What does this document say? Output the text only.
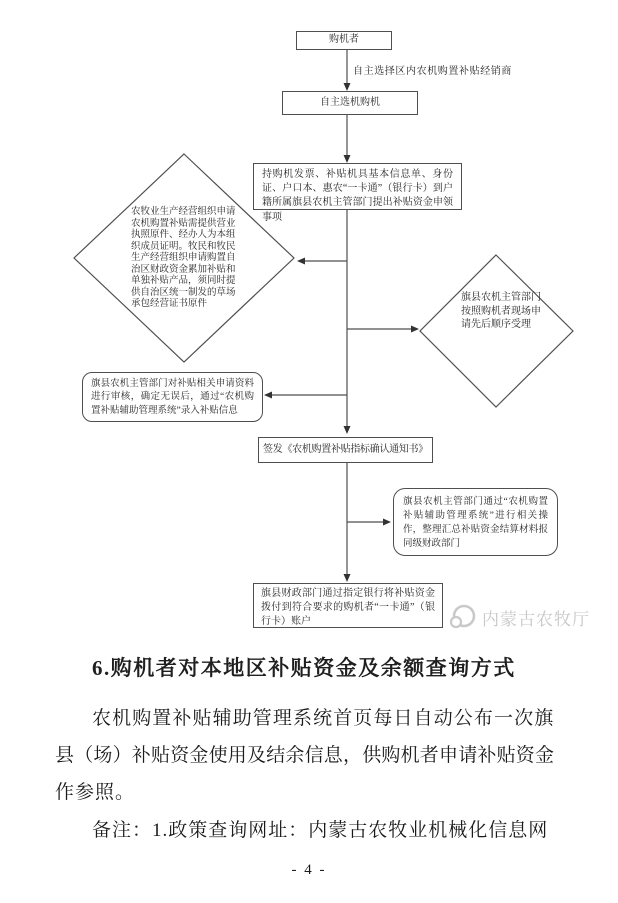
购机者
自主选择区内农机购置补贴经销商
自主选机购机
持购机发票、补贴机具基本信息单、身份证、户口本、惠农“一卡通”（银行卡）到户籍所属旗县农机主管部门提出补贴资金申领事项
农牧业生产经营组织申请农机购置补贴需提供营业执照原件、经办人为本组织成员证明。牧民和牧民生产经营组织申请购置自治区财政资金累加补贴和单独补贴产品，须同时提供自治区统一制发的草场承包经营证书原件
旗县农机主管部门按照购机者现场申请先后顺序受理
旗县农机主管部门对补贴相关申请资料进行审核，确定无误后，通过“农机购置补贴辅助管理系统”录入补贴信息
签发《农机购置补贴指标确认通知书》
旗县农机主管部门通过“农机购置补贴辅助管理系统”进行相关操作，整理汇总补贴资金结算材料报同级财政部门
旗县财政部门通过指定银行将补贴资金拨付到符合要求的购机者“一卡通”（银行卡）账户	内蒙古农牧厅
6.购机者对本地区补贴资金及余额查询方式
农机购置补贴辅助管理系统首页每日自动公布一次旗
县（场）补贴资金使用及结余信息，供购机者申请补贴资金
作参照。
备注：1.政策查询网址：内蒙古农牧业机械化信息网
- 4 -
